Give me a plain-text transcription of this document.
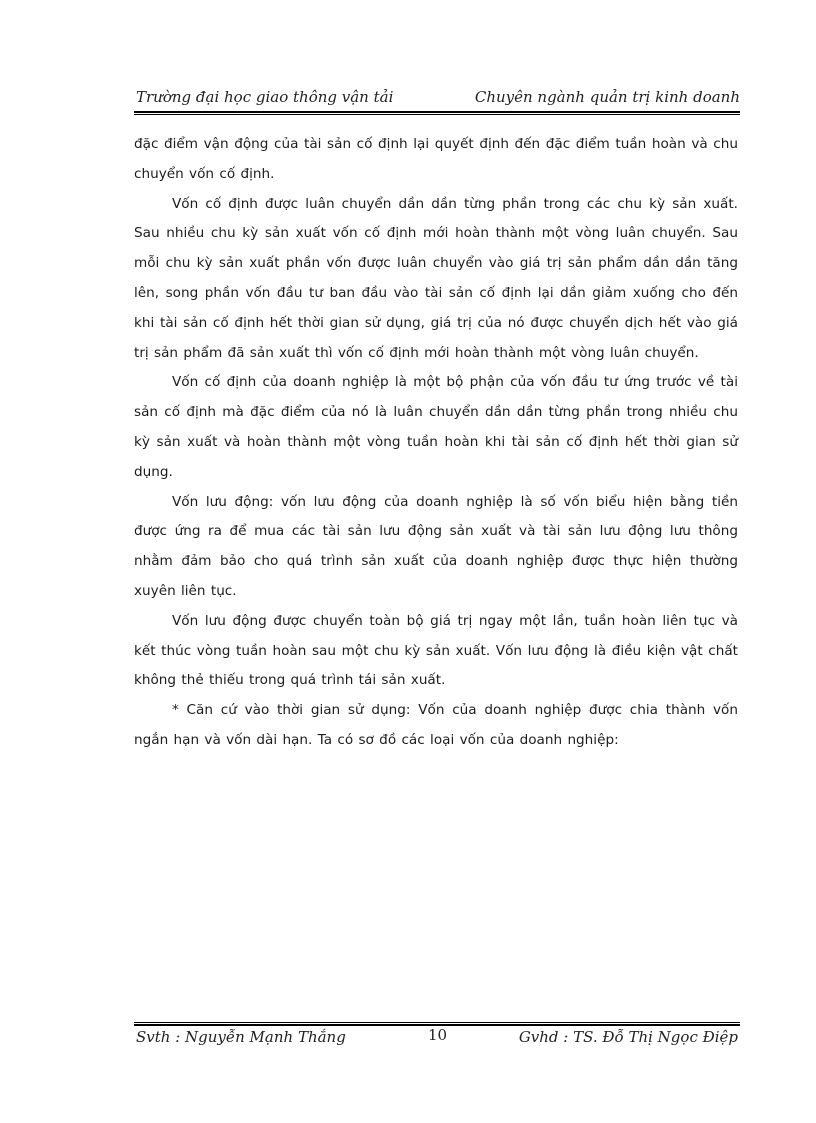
Trường đại học giao thông vận tải	Chuyên ngành quản trị kinh doanh

đặc điểm vận động của tài sản cố định lại quyết định đến đặc điểm tuần hoàn và chu chuyển vốn cố định.

Vốn cố định được luân chuyển dần dần từng phần trong các chu kỳ sản xuất. Sau nhiều chu kỳ sản xuất vốn cố định mới hoàn thành một vòng luân chuyển. Sau mỗi chu kỳ sản xuất phần vốn được luân chuyển vào giá trị sản phẩm dần dần tăng lên, song phần vốn đầu tư ban đầu vào tài sản cố định lại dần giảm xuống cho đến khi tài sản cố định hết thời gian sử dụng, giá trị của nó được chuyển dịch hết vào giá trị sản phẩm đã sản xuất thì vốn cố định mới hoàn thành một vòng luân chuyển.

Vốn cố định của doanh nghiệp là một bộ phận của vốn đầu tư ứng trước về tài sản cố định mà đặc điểm của nó là luân chuyển dần dần từng phần trong nhiều chu kỳ sản xuất và hoàn thành một vòng tuần hoàn khi tài sản cố định hết thời gian sử dụng.

Vốn lưu động: vốn lưu động của doanh nghiệp là số vốn biểu hiện bằng tiền được ứng ra để mua các tài sản lưu động sản xuất và tài sản lưu động lưu thông nhằm đảm bảo cho quá trình sản xuất của doanh nghiệp được thực hiện thường xuyên liên tục.

Vốn lưu động được chuyển toàn bộ giá trị ngay một lần, tuần hoàn liên tục và kết thúc vòng tuần hoàn sau một chu kỳ sản xuất. Vốn lưu động là điều kiện vật chất không thẻ thiếu trong quá trình tái sản xuất.

* Căn cứ vào thời gian sử dụng: Vốn của doanh nghiệp được chia thành vốn ngắn hạn và vốn dài hạn. Ta có sơ đồ các loại vốn của doanh nghiệp:

Svth : Nguyễn Mạnh Thắng	10	Gvhd : TS. Đỗ Thị Ngọc Điệp
